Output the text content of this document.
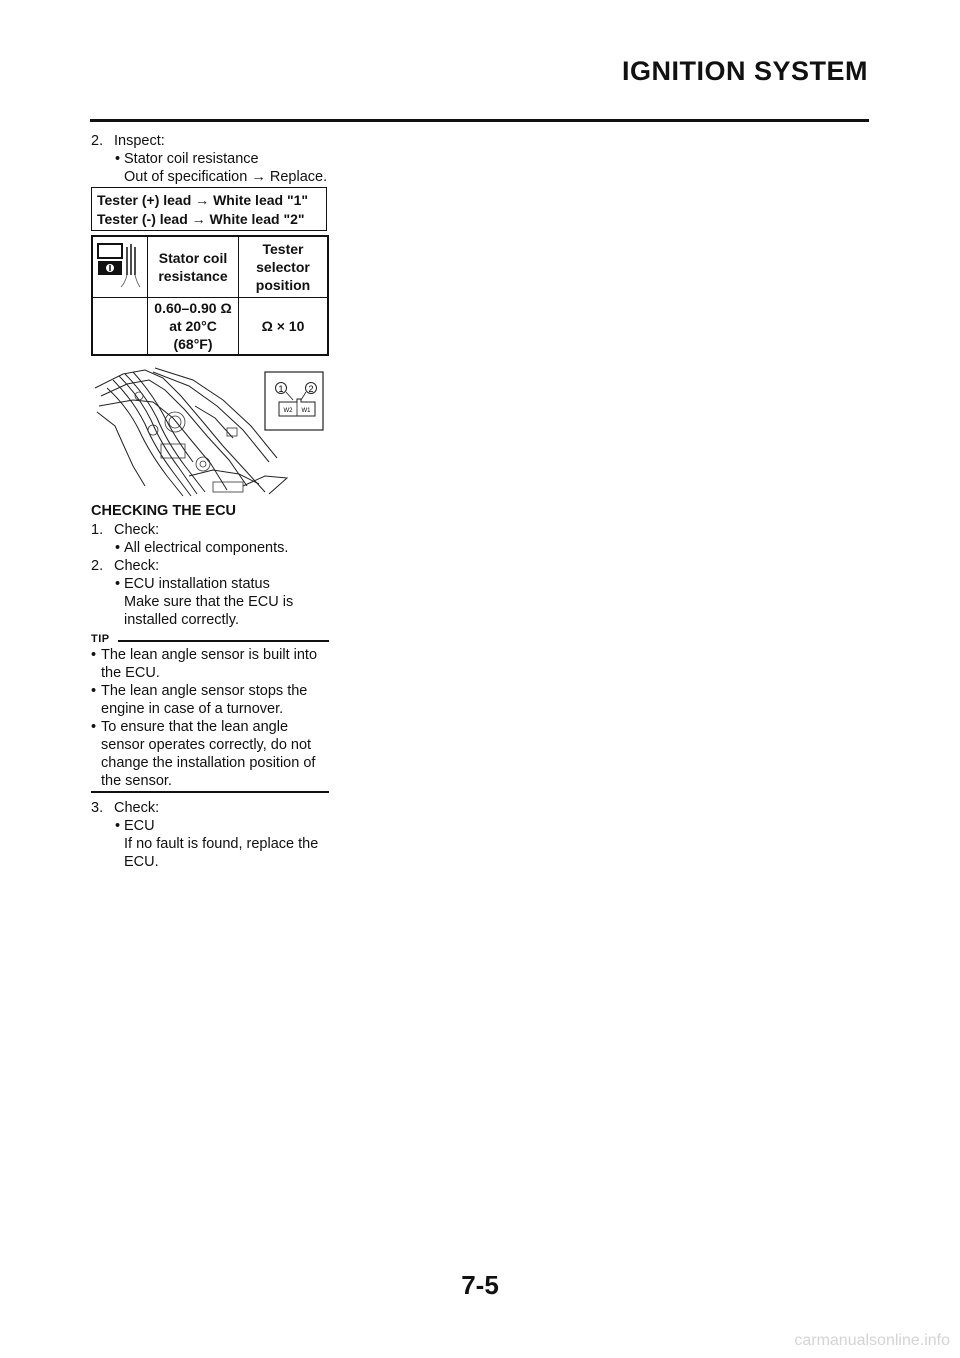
IGNITION SYSTEM
2. Inspect:
• Stator coil resistance
Out of specification → Replace.
Tester (+) lead → White lead "1"
Tester (-) lead → White lead "2"
	Stator coil resistance	Tester selector position
	0.60–0.90 Ω at 20°C (68°F)	Ω × 10
1	2
W2 W1
CHECKING THE ECU
1. Check:
• All electrical components.
2. Check:
• ECU installation status
Make sure that the ECU is installed correctly.
TIP
• The lean angle sensor is built into the ECU.
• The lean angle sensor stops the engine in case of a turnover.
• To ensure that the lean angle sensor operates correctly, do not change the installation position of the sensor.
3. Check:
• ECU
If no fault is found, replace the ECU.
7-5
carmanualsonline.info
